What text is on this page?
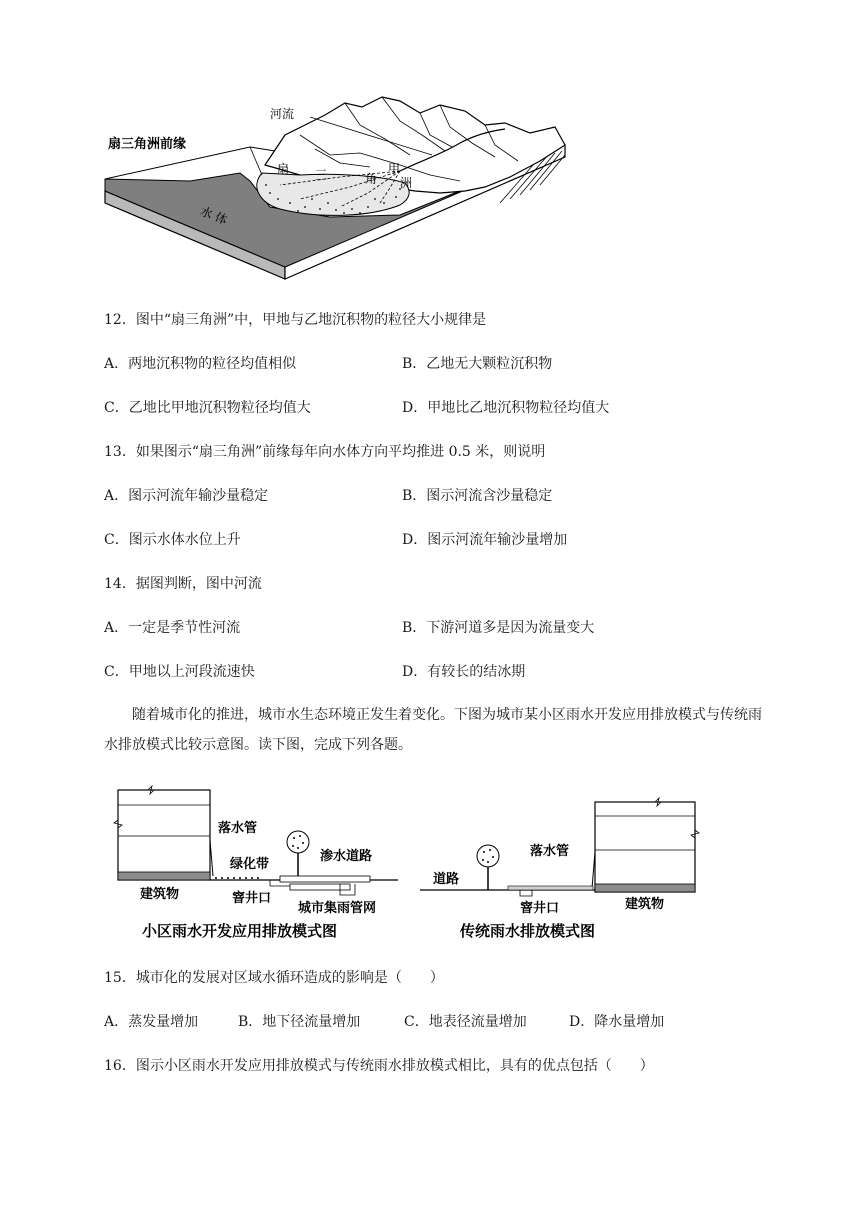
河流
扇三角洲前缘
扇 三	角 洲
甲
水 体
12．图中“扇三角洲”中，甲地与乙地沉积物的粒径大小规律是
A．两地沉积物的粒径均值相似	B．乙地无大颗粒沉积物
C．乙地比甲地沉积物粒径均值大	D．甲地比乙地沉积物粒径均值大
13．如果图示“扇三角洲”前缘每年向水体方向平均推进 0.5 米，则说明
A．图示河流年输沙量稳定	B．图示河流含沙量稳定
C．图示水体水位上升	D．图示河流年输沙量增加
14．据图判断，图中河流
A．一定是季节性河流	B．下游河道多是因为流量变大
C．甲地以上河段流速快	D．有较长的结冰期
随着城市化的推进，城市水生态环境正发生着变化。下图为城市某小区雨水开发应用排放模式与传统雨水排放模式比较示意图。读下图，完成下列各题。
落水管
绿化带
渗水道路
建筑物	窨井口
城市集雨管网
小区雨水开发应用排放模式图
道路
落水管
窨井口	建筑物
传统雨水排放模式图
15．城市化的发展对区域水循环造成的影响是（　　）
A．蒸发量增加	B．地下径流量增加	C．地表径流量增加	D．降水量增加
16．图示小区雨水开发应用排放模式与传统雨水排放模式相比，具有的优点包括（　　）
